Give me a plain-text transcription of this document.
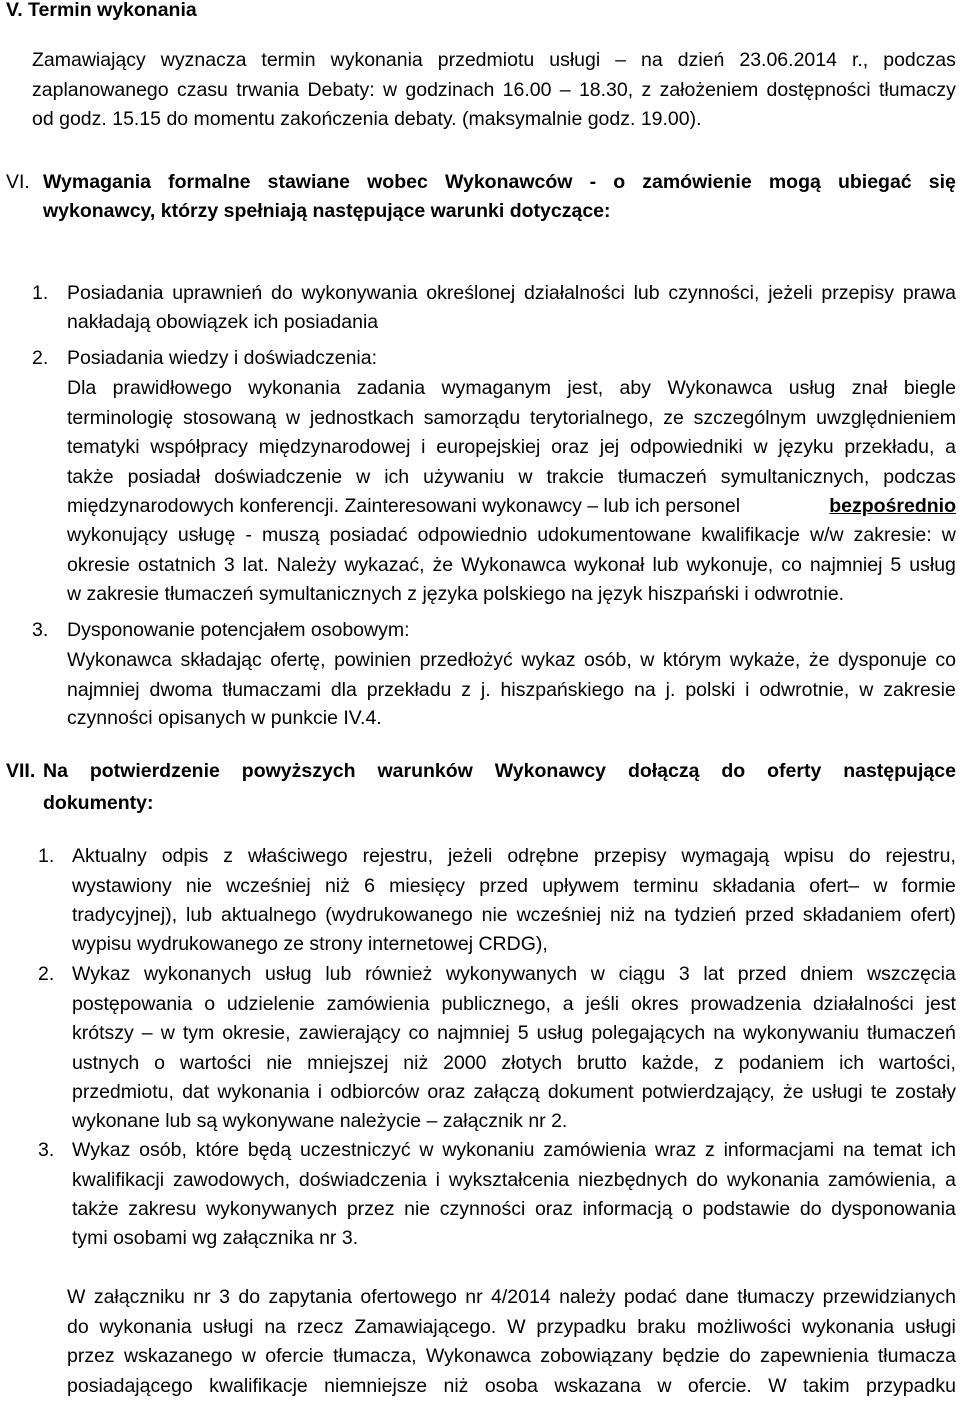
V. Termin wykonania
Zamawiający wyznacza termin wykonania przedmiotu usługi – na dzień 23.06.2014 r., podczas
zaplanowanego czasu trwania Debaty: w godzinach 16.00 – 18.30, z założeniem dostępności tłumaczy
od godz. 15.15 do momentu zakończenia debaty. (maksymalnie godz. 19.00).
VI. Wymagania formalne stawiane wobec Wykonawców - o zamówienie mogą ubiegać się
wykonawcy, którzy spełniają następujące warunki dotyczące:
1. Posiadania uprawnień do wykonywania określonej działalności lub czynności, jeżeli przepisy prawa
nakładają obowiązek ich posiadania
2. Posiadania wiedzy i doświadczenia:
Dla prawidłowego wykonania zadania wymaganym jest, aby Wykonawca usług znał biegle
terminologię stosowaną w jednostkach samorządu terytorialnego, ze szczególnym uwzględnieniem
tematyki współpracy międzynarodowej i europejskiej oraz jej odpowiedniki w języku przekładu, a
także posiadał doświadczenie w ich używaniu w trakcie tłumaczeń symultanicznych, podczas
międzynarodowych konferencji. Zainteresowani wykonawcy – lub ich personel	bezpośrednio
wykonujący usługę - muszą posiadać odpowiednio udokumentowane kwalifikacje w/w zakresie: w
okresie ostatnich 3 lat. Należy wykazać, że Wykonawca wykonał lub wykonuje, co najmniej 5 usług
w zakresie tłumaczeń symultanicznych z języka polskiego na język hiszpański i odwrotnie.
3. Dysponowanie potencjałem osobowym:
Wykonawca składając ofertę, powinien przedłożyć wykaz osób, w którym wykaże, że dysponuje co
najmniej dwoma tłumaczami dla przekładu z j. hiszpańskiego na j. polski i odwrotnie, w zakresie
czynności opisanych w punkcie IV.4.
VII. Na potwierdzenie powyższych warunków Wykonawcy dołączą do oferty następujące
dokumenty:
1. Aktualny odpis z właściwego rejestru, jeżeli odrębne przepisy wymagają wpisu do rejestru,
wystawiony nie wcześniej niż 6 miesięcy przed upływem terminu składania ofert– w formie
tradycyjnej), lub aktualnego (wydrukowanego nie wcześniej niż na tydzień przed składaniem ofert)
wypisu wydrukowanego ze strony internetowej CRDG),
2. Wykaz wykonanych usług lub również wykonywanych w ciągu 3 lat przed dniem wszczęcia
postępowania o udzielenie zamówienia publicznego, a jeśli okres prowadzenia działalności jest
krótszy – w tym okresie, zawierający co najmniej 5 usług polegających na wykonywaniu tłumaczeń
ustnych o wartości nie mniejszej niż 2000 złotych brutto każde, z podaniem ich wartości,
przedmiotu, dat wykonania i odbiorców oraz załączą dokument potwierdzający, że usługi te zostały
wykonane lub są wykonywane należycie – załącznik nr 2.
3. Wykaz osób, które będą uczestniczyć w wykonaniu zamówienia wraz z informacjami na temat ich
kwalifikacji zawodowych, doświadczenia i wykształcenia niezbędnych do wykonania zamówienia, a
także zakresu wykonywanych przez nie czynności oraz informacją o podstawie do dysponowania
tymi osobami wg załącznika nr 3.
W załączniku nr 3 do zapytania ofertowego nr 4/2014 należy podać dane tłumaczy przewidzianych
do wykonania usługi na rzecz Zamawiającego. W przypadku braku możliwości wykonania usługi
przez wskazanego w ofercie tłumacza, Wykonawca zobowiązany będzie do zapewnienia tłumacza
posiadającego kwalifikacje niemniejsze niż osoba wskazana w ofercie. W takim przypadku
